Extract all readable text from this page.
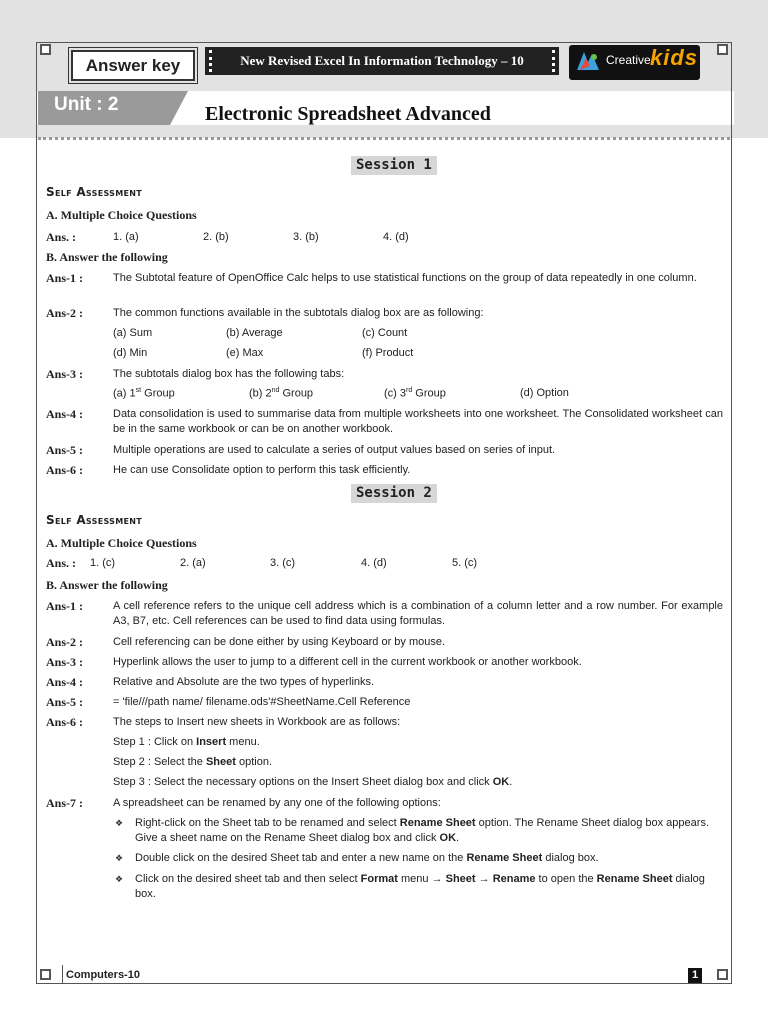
Answer key	New Revised Excel In Information Technology – 10	Creative kids
Unit : 2	Electronic Spreadsheet Advanced
Session 1
Self Assessment
A. Multiple Choice Questions
Ans. :	1. (a)	2. (b)	3. (b)	4. (d)
B. Answer the following
Ans-1 :	The Subtotal feature of OpenOffice Calc helps to use statistical functions on the group of data repeatedly in one column.
Ans-2 :	The common functions available in the subtotals dialog box are as following:
(a) Sum	(b) Average	(c) Count
(d) Min	(e) Max	(f) Product
Ans-3 :	The subtotals dialog box has the following tabs:
(a) 1st Group	(b) 2nd Group	(c) 3rd Group	(d) Option
Ans-4 :	Data consolidation is used to summarise data from multiple worksheets into one worksheet. The Consolidated worksheet can be in the same workbook or can be on another workbook.
Ans-5 :	Multiple operations are used to calculate a series of output values based on series of input.
Ans-6 :	He can use Consolidate option to perform this task efficiently.
Session 2
Self Assessment
A. Multiple Choice Questions
Ans. : 1. (c)	2. (a)	3. (c)	4. (d)	5. (c)
B. Answer the following
Ans-1 :	A cell reference refers to the unique cell address which is a combination of a column letter and a row number. For example A3, B7, etc. Cell references can be used to find data using formulas.
Ans-2 :	Cell referencing can be done either by using Keyboard or by mouse.
Ans-3 :	Hyperlink allows the user to jump to a different cell in the current workbook or another workbook.
Ans-4 :	Relative and Absolute are the two types of hyperlinks.
Ans-5 :	= 'file///path name/ filename.ods'#SheetName.Cell Reference
Ans-6 :	The steps to Insert new sheets in Workbook are as follows:
Step 1 : Click on Insert menu.
Step 2 : Select the Sheet option.
Step 3 : Select the necessary options on the Insert Sheet dialog box and click OK.
Ans-7 :	A spreadsheet can be renamed by any one of the following options:
❖ Right-click on the Sheet tab to be renamed and select Rename Sheet option. The Rename Sheet dialog box appears. Give a sheet name on the Rename Sheet dialog box and click OK.
❖ Double click on the desired Sheet tab and enter a new name on the Rename Sheet dialog box.
❖ Click on the desired sheet tab and then select Format menu → Sheet → Rename to open the Rename Sheet dialog box.
Computers-10	1
